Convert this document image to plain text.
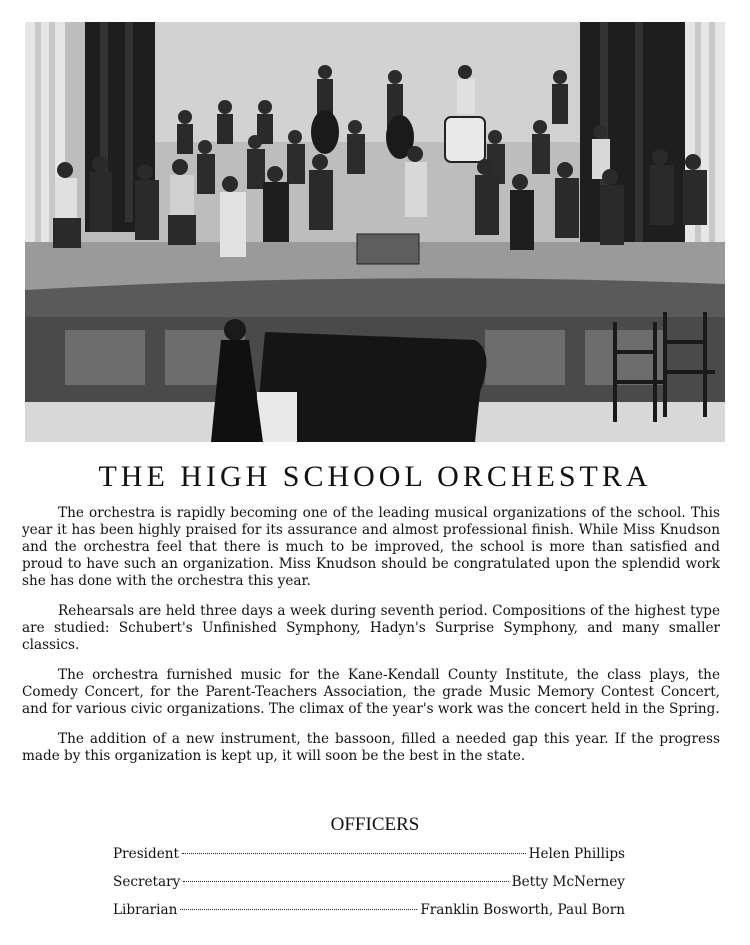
THE HIGH SCHOOL ORCHESTRA

The orchestra is rapidly becoming one of the leading musical organizations of the school. This year it has been highly praised for its assurance and almost professional finish. While Miss Knudson and the orchestra feel that there is much to be improved, the school is more than satisfied and proud to have such an organization. Miss Knudson should be congratulated upon the splendid work she has done with the orchestra this year.

Rehearsals are held three days a week during seventh period. Compositions of the highest type are studied: Schubert's Unfinished Symphony, Hadyn's Surprise Symphony, and many smaller classics.

The orchestra furnished music for the Kane-Kendall County Institute, the class plays, the Comedy Concert, for the Parent-Teachers Association, the grade Music Memory Contest Concert, and for various civic organizations. The climax of the year's work was the concert held in the Spring.

The addition of a new instrument, the bassoon, filled a needed gap this year. If the progress made by this organization is kept up, it will soon be the best in the state.

OFFICERS
President	Helen Phillips
Secretary	Betty McNerney
Librarian	Franklin Bosworth, Paul Born
